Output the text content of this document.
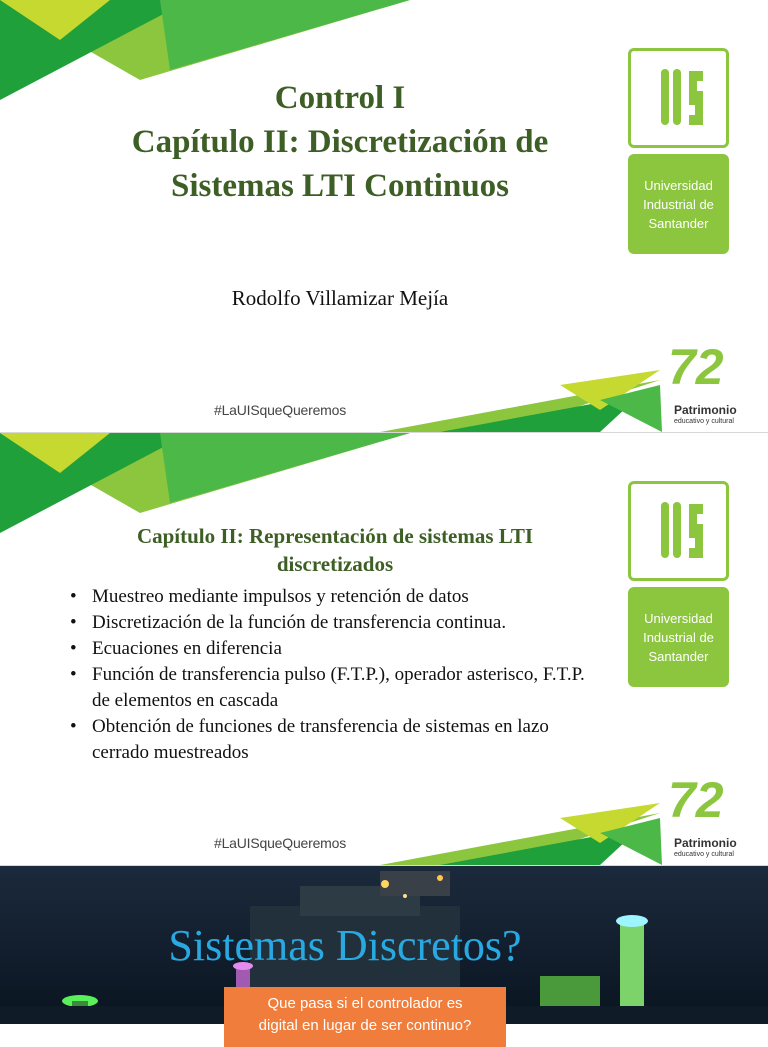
Control I
Capítulo II: Discretización de
Sistemas LTI Continuos
Rodolfo Villamizar Mejía
#LaUISqueQueremos
Universidad
Industrial de
Santander
72
Patrimonio
educativo y cultural
Capítulo II: Representación de sistemas LTI
discretizados
• Muestreo mediante impulsos y retención de datos
• Discretización de la función de transferencia continua.
• Ecuaciones en diferencia
• Función de transferencia pulso (F.T.P.), operador asterisco, F.T.P. de elementos en cascada
• Obtención de funciones de transferencia de sistemas en lazo cerrado muestreados
#LaUISqueQueremos
Universidad
Industrial de
Santander
72
Patrimonio
educativo y cultural
Sistemas Discretos?
Que pasa si el controlador es
digital en lugar de ser continuo?
